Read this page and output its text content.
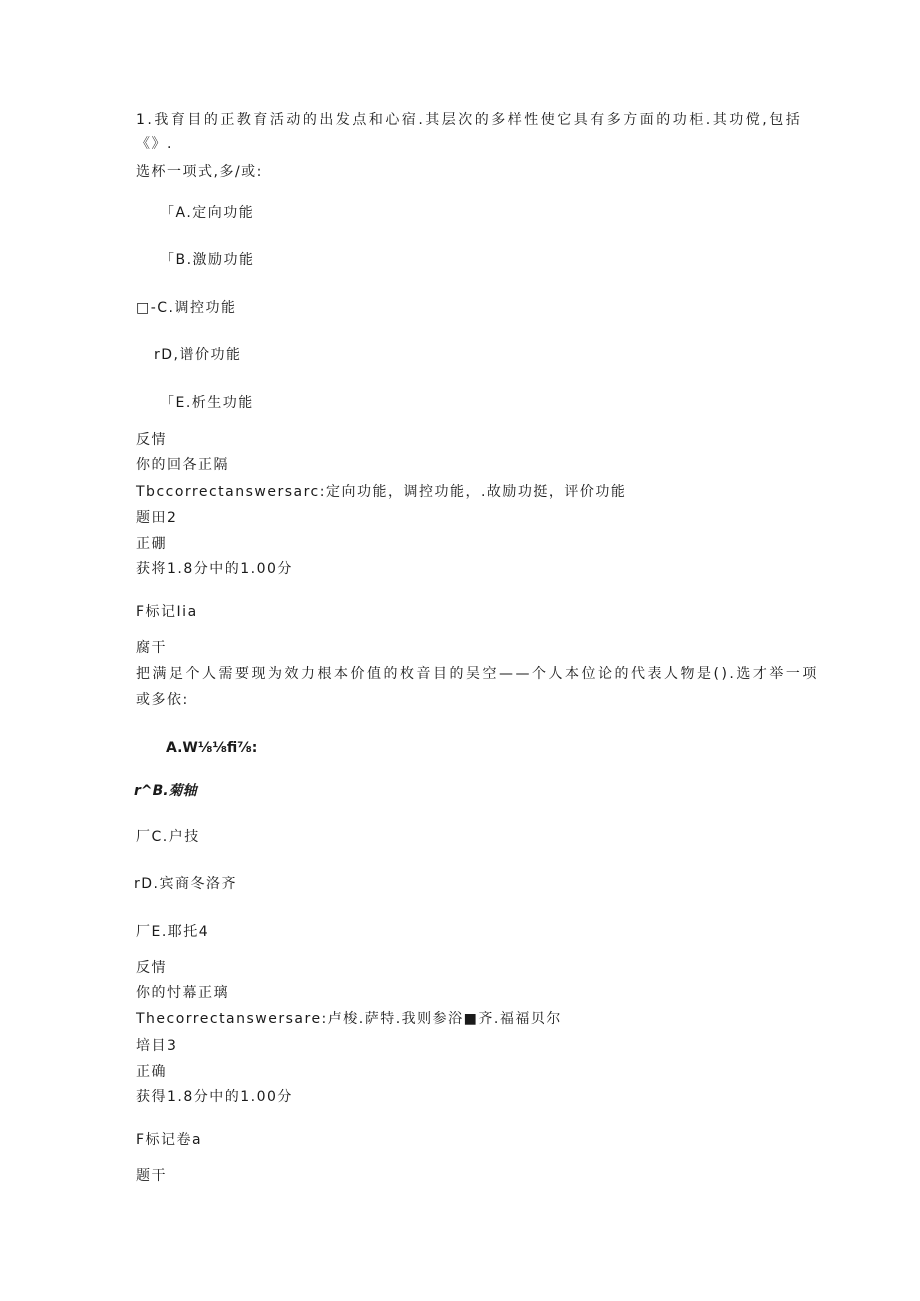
1.我育目的正教育活动的出发点和心宿.其层次的多样性使它具有多方面的功柜.其功傥,包括
《》.
选杯一项式,多/或:
「A.定向功能
「B.激励功能
□-C.调控功能
rD,谱价功能
「E.析生功能
反情
你的回各正隔
Tbccorrectanswersarc:定向功能，调控功能，.故励功挺，评价功能
题田2
正硼
获将1.8分中的1.00分
F标记Iia
腐干
把满足个人需要现为效力根本价值的枚音目的吴空——个人本位论的代表人物是().选才举一项
或多依:
A.W⅛⅛fi⅞:
r^B.菊轴
厂C.户技
rD.宾商冬洛齐
厂E.耶托4
反情
你的忖幕正璃
Thecorrectanswersare:卢梭.萨特.我则参浴■齐.福福贝尔
培目3
正确
获得1.8分中的1.00分
F标记卷a
题干
